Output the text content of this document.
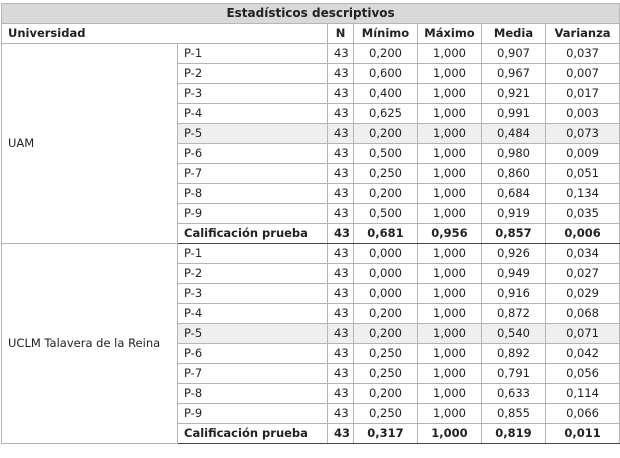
Estadísticos descriptivos						
Universidad		N	Mínimo	Máximo	Media	Varianza
UAM	P-1	43	0,200	1,000	0,907	0,037
	P-2	43	0,600	1,000	0,967	0,007
	P-3	43	0,400	1,000	0,921	0,017
	P-4	43	0,625	1,000	0,991	0,003
	P-5	43	0,200	1,000	0,484	0,073
	P-6	43	0,500	1,000	0,980	0,009
	P-7	43	0,250	1,000	0,860	0,051
	P-8	43	0,200	1,000	0,684	0,134
	P-9	43	0,500	1,000	0,919	0,035
	Calificación prueba	43	0,681	0,956	0,857	0,006
UCLM Talavera de la Reina	P-1	43	0,000	1,000	0,926	0,034
	P-2	43	0,000	1,000	0,949	0,027
	P-3	43	0,000	1,000	0,916	0,029
	P-4	43	0,200	1,000	0,872	0,068
	P-5	43	0,200	1,000	0,540	0,071
	P-6	43	0,250	1,000	0,892	0,042
	P-7	43	0,250	1,000	0,791	0,056
	P-8	43	0,200	1,000	0,633	0,114
	P-9	43	0,250	1,000	0,855	0,066
	Calificación prueba	43	0,317	1,000	0,819	0,011
